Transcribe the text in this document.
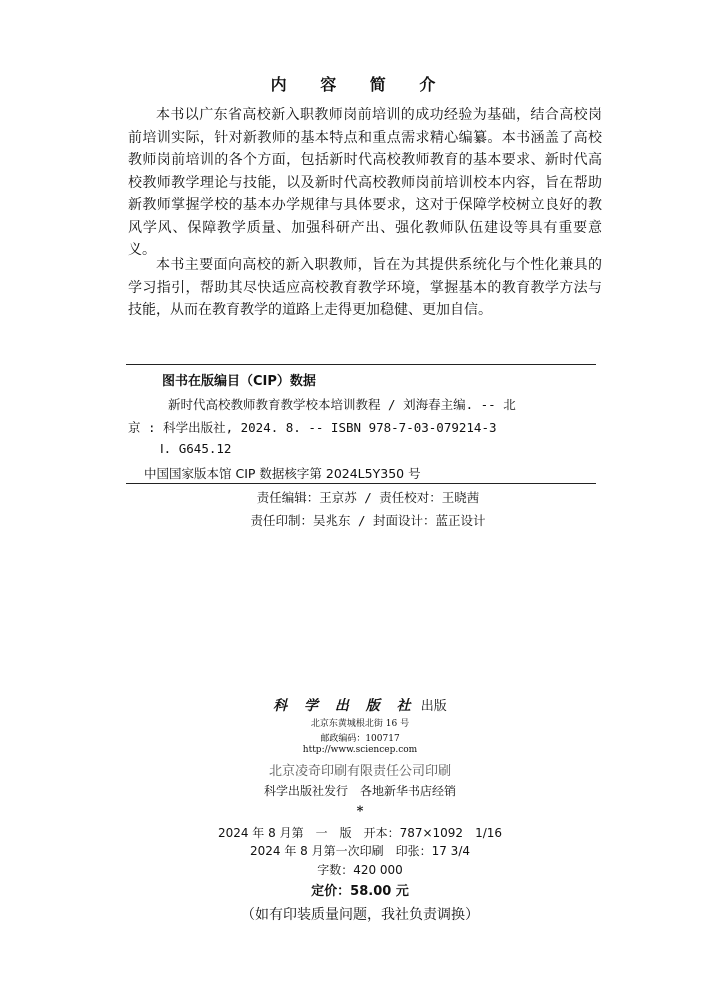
内 容 简 介

本书以广东省高校新入职教师岗前培训的成功经验为基础，结合高校岗前培训实际，针对新教师的基本特点和重点需求精心编纂。本书涵盖了高校教师岗前培训的各个方面，包括新时代高校教师教育的基本要求、新时代高校教师教学理论与技能，以及新时代高校教师岗前培训校本内容，旨在帮助新教师掌握学校的基本办学规律与具体要求，这对于保障学校树立良好的教风学风、保障教学质量、加强科研产出、强化教师队伍建设等具有重要意义。

本书主要面向高校的新入职教师，旨在为其提供系统化与个性化兼具的学习指引，帮助其尽快适应高校教育教学环境，掌握基本的教育教学方法与技能，从而在教育教学的道路上走得更加稳健、更加自信。

图书在版编目（CIP）数据

新时代高校教师教育教学校本培训教程 / 刘海春主编. -- 北

京 : 科学出版社, 2024. 8. -- ISBN 978-7-03-079214-3

Ⅰ. G645.12

中国国家版本馆 CIP 数据核字第 2024L5Y350 号

责任编辑：王京苏 / 责任校对：王晓茜

责任印制：吴兆东 / 封面设计：蓝正设计

科 学 出 版 社 出版

北京东黄城根北街 16 号

邮政编码：100717

http://www.sciencep.com

北京凌奇印刷有限责任公司印刷

科学出版社发行　各地新华书店经销

*

2024 年 8 月第　一　版　开本：787×1092　1/16

2024 年 8 月第一次印刷　印张：17 3/4

字数：420 000

定价：58.00 元

（如有印装质量问题，我社负责调换）
